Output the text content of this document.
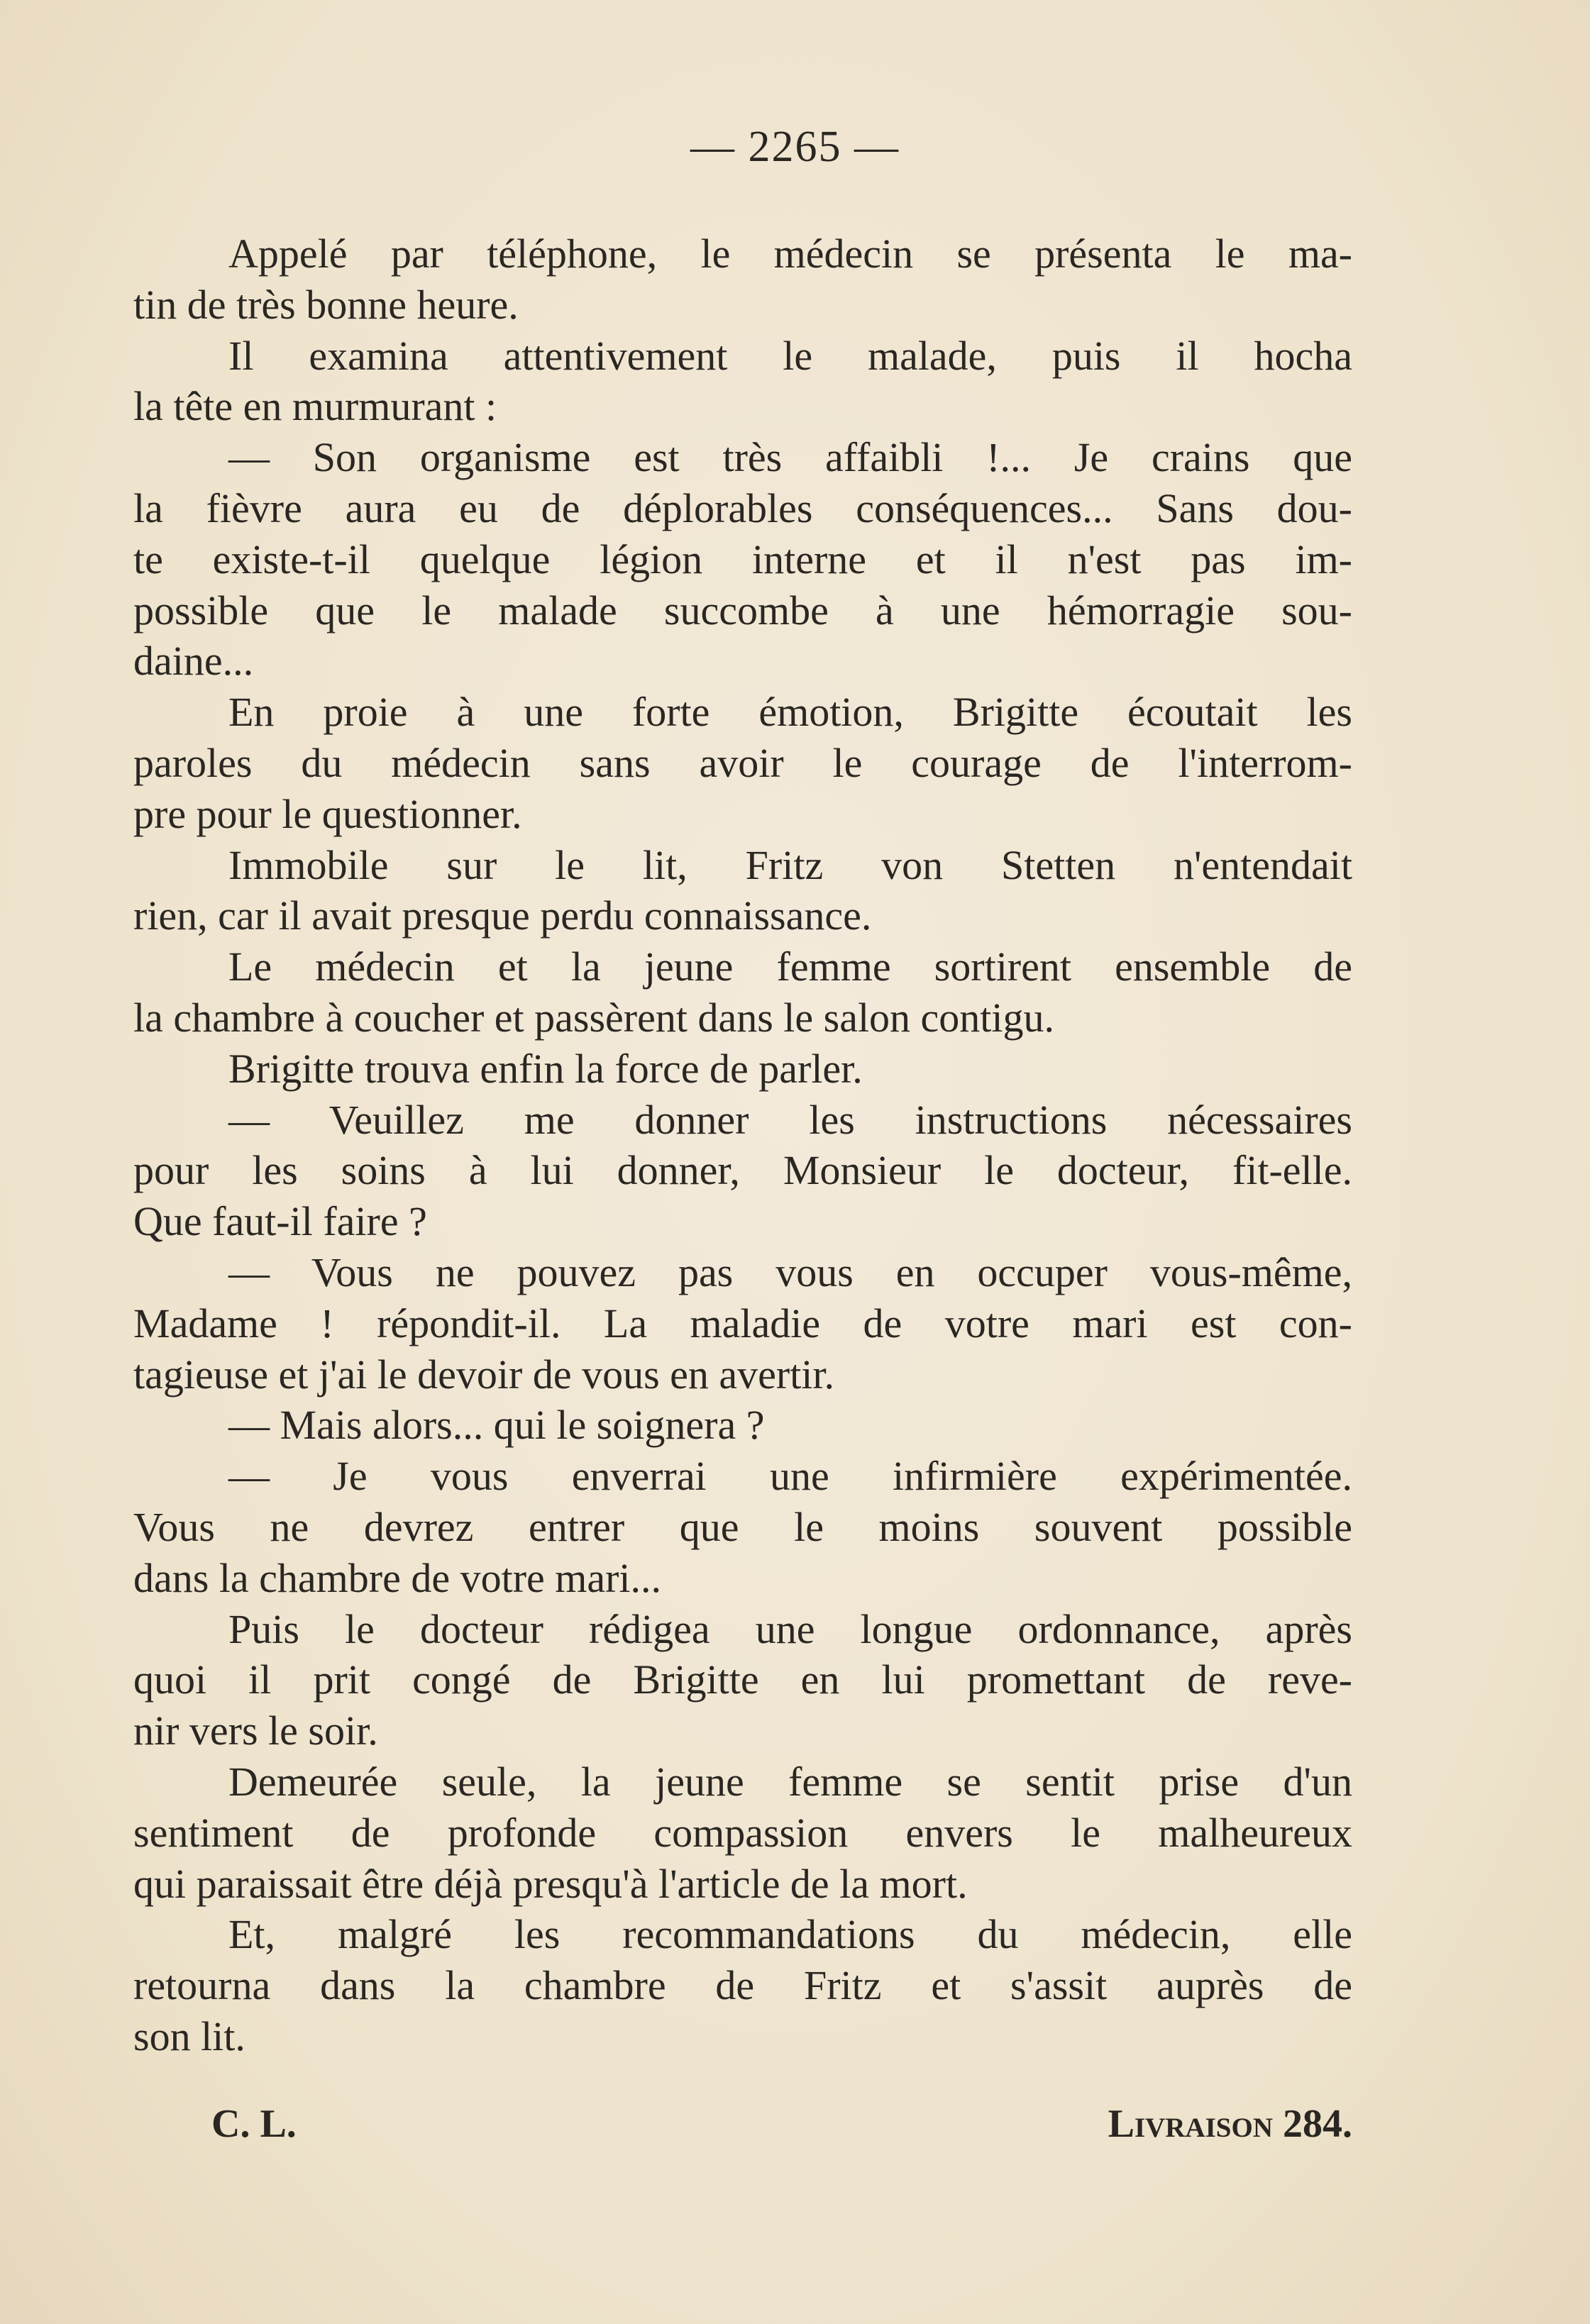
— 2265 —
Appelé par téléphone, le médecin se présenta le ma-
tin de très bonne heure.
Il examina attentivement le malade, puis il hocha
la tête en murmurant :
— Son organisme est très affaibli !... Je crains que
la fièvre aura eu de déplorables conséquences... Sans dou-
te existe-t-il quelque légion interne et il n'est pas im-
possible que le malade succombe à une hémorragie sou-
daine...
En proie à une forte émotion, Brigitte écoutait les
paroles du médecin sans avoir le courage de l'interrom-
pre pour le questionner.
Immobile sur le lit, Fritz von Stetten n'entendait
rien, car il avait presque perdu connaissance.
Le médecin et la jeune femme sortirent ensemble de
la chambre à coucher et passèrent dans le salon contigu.
Brigitte trouva enfin la force de parler.
— Veuillez me donner les instructions nécessaires
pour les soins à lui donner, Monsieur le docteur, fit-elle.
Que faut-il faire ?
— Vous ne pouvez pas vous en occuper vous-même,
Madame ! répondit-il. La maladie de votre mari est con-
tagieuse et j'ai le devoir de vous en avertir.
— Mais alors... qui le soignera ?
— Je vous enverrai une infirmière expérimentée.
Vous ne devrez entrer que le moins souvent possible
dans la chambre de votre mari...
Puis le docteur rédigea une longue ordonnance, après
quoi il prit congé de Brigitte en lui promettant de reve-
nir vers le soir.
Demeurée seule, la jeune femme se sentit prise d'un
sentiment de profonde compassion envers le malheureux
qui paraissait être déjà presqu'à l'article de la mort.
Et, malgré les recommandations du médecin, elle
retourna dans la chambre de Fritz et s'assit auprès de
son lit.
C. L.	Livraison 284.
